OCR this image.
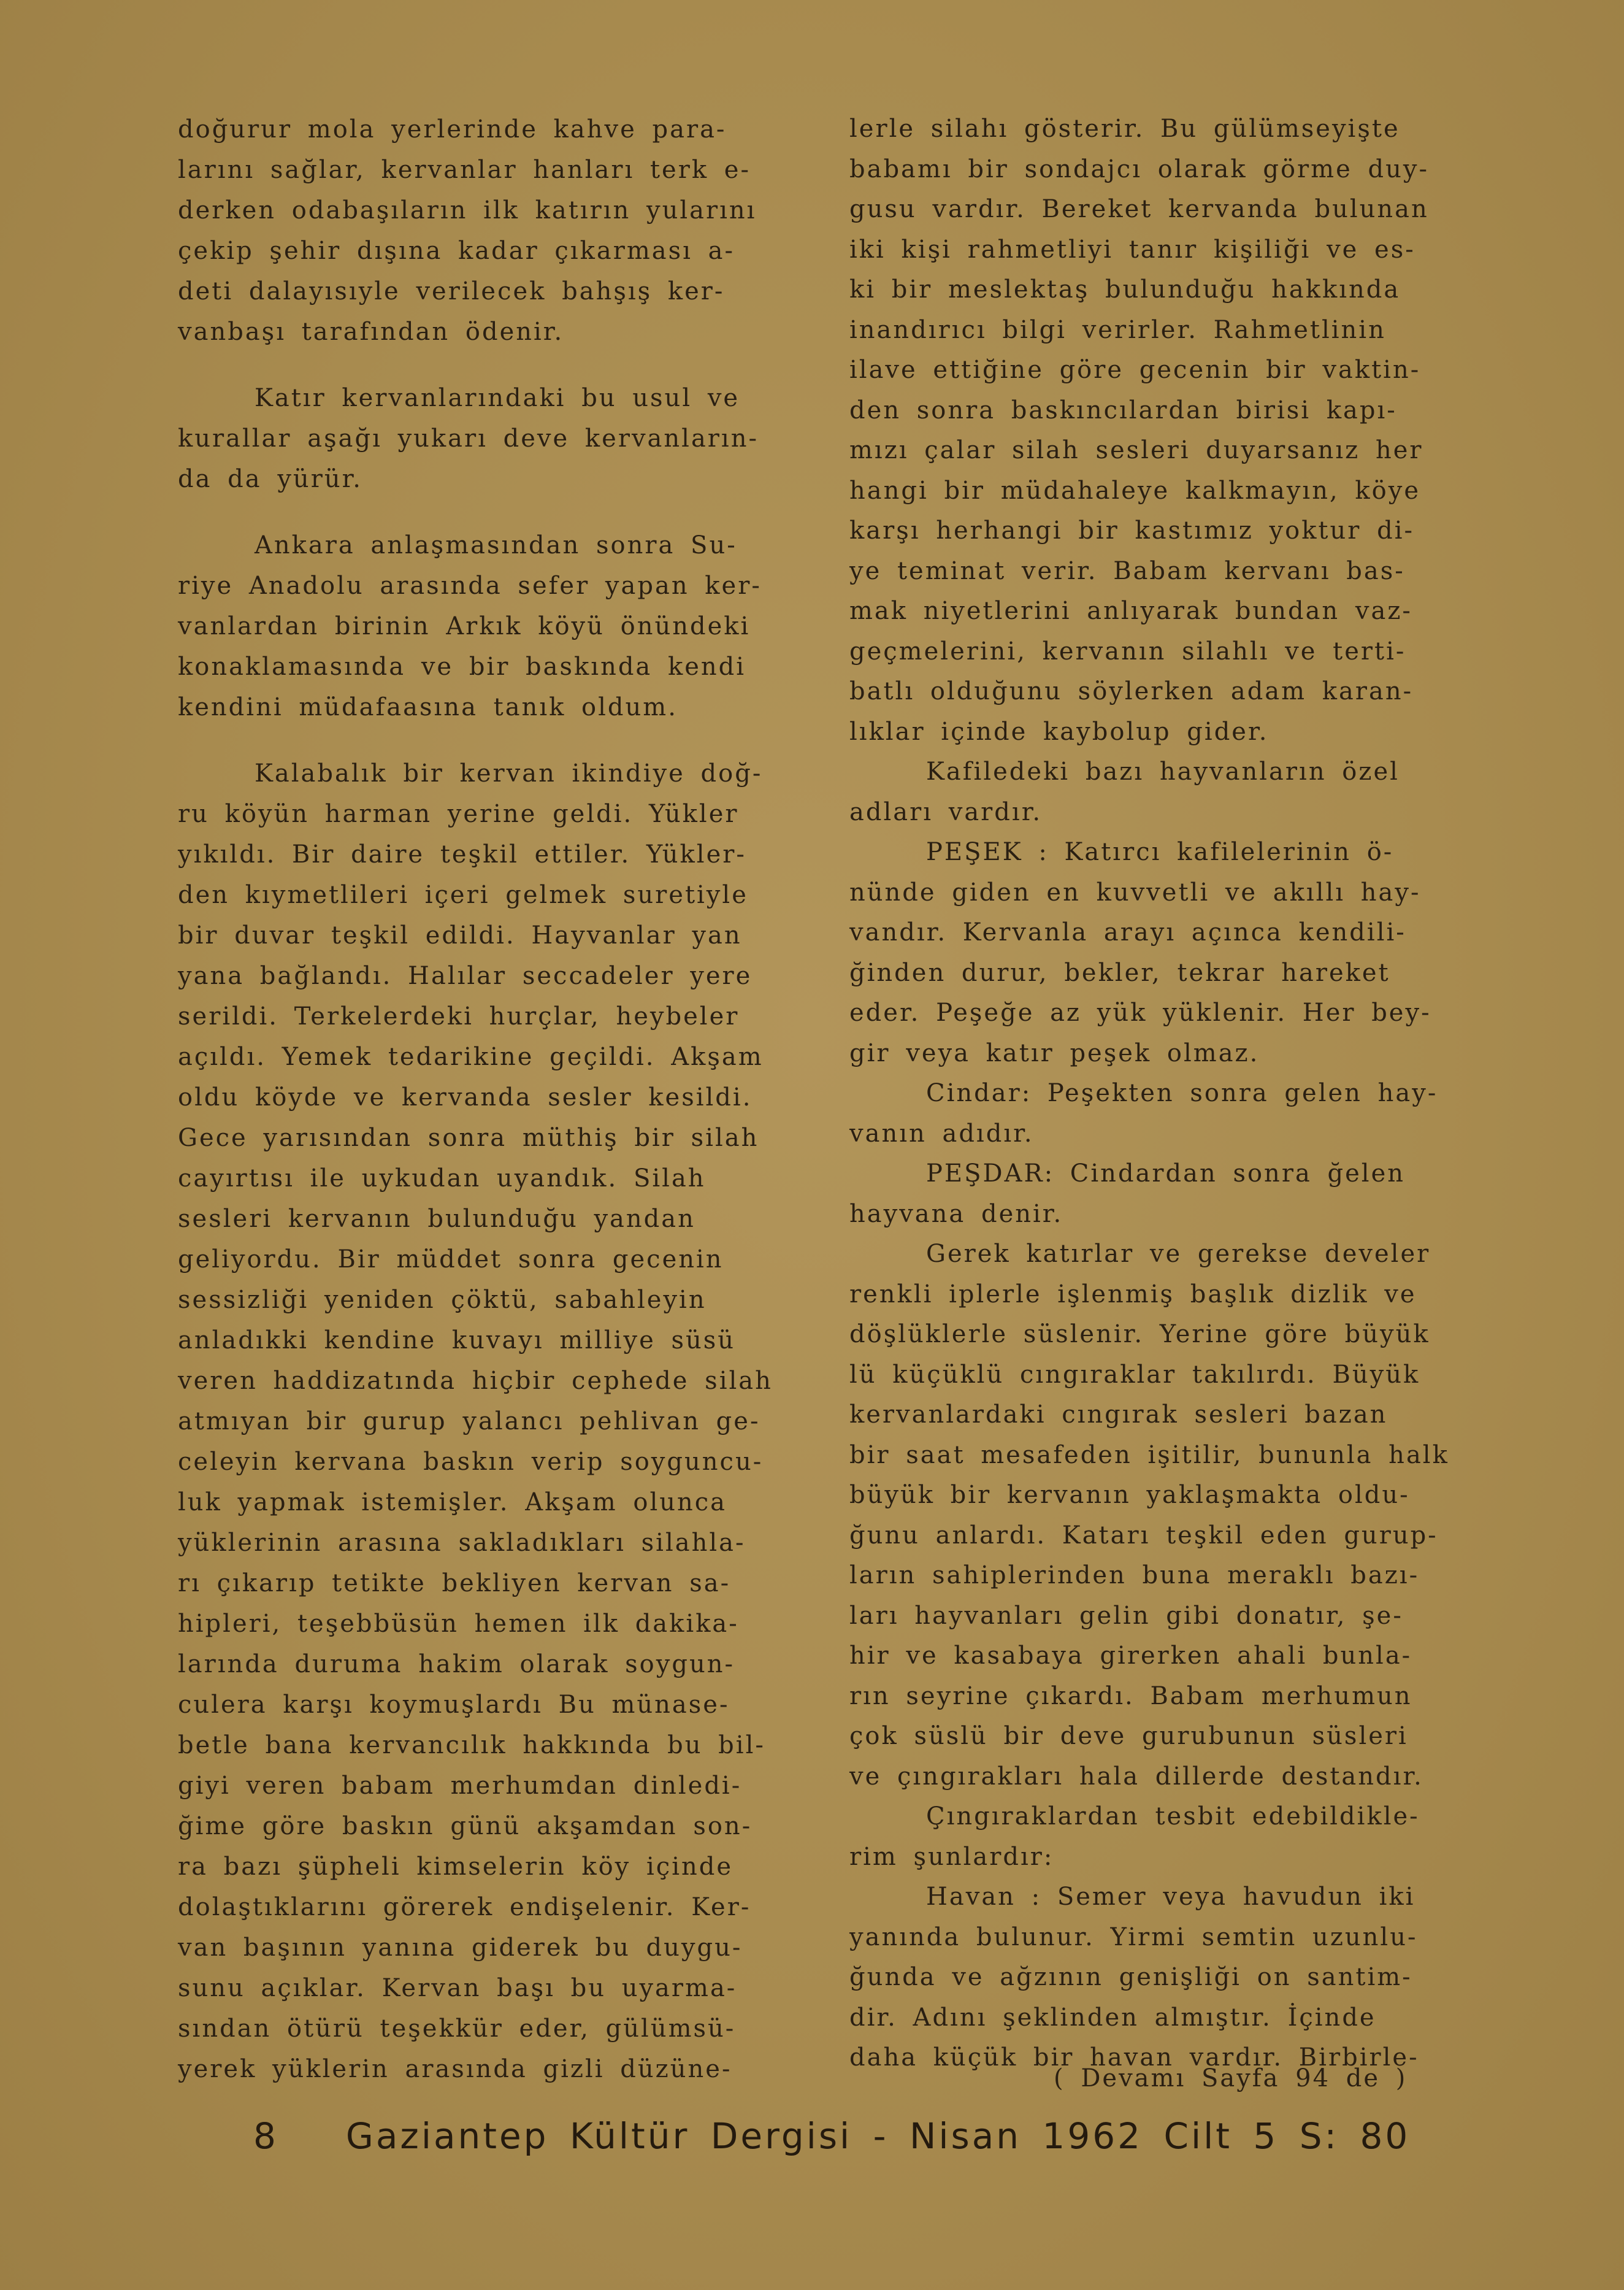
doğurur mola yerlerinde kahve para-
larını sağlar, kervanlar hanları terk e-
derken odabaşıların ilk katırın yularını
çekip şehir dışına kadar çıkarması a-
deti dalayısıyle verilecek bahşış ker-
vanbaşı tarafından ödenir.

Katır kervanlarındaki bu usul ve
kurallar aşağı yukarı deve kervanların-
da da yürür.

Ankara anlaşmasından sonra Su-
riye Anadolu arasında sefer yapan ker-
vanlardan birinin Arkık köyü önündeki
konaklamasında ve bir baskında kendi
kendini müdafaasına tanık oldum.

Kalabalık bir kervan ikindiye doğ-
ru köyün harman yerine geldi. Yükler
yıkıldı. Bir daire teşkil ettiler. Yükler-
den kıymetlileri içeri gelmek suretiyle
bir duvar teşkil edildi. Hayvanlar yan
yana bağlandı. Halılar seccadeler yere
serildi. Terkelerdeki hurçlar, heybeler
açıldı. Yemek tedarikine geçildi. Akşam
oldu köyde ve kervanda sesler kesildi.
Gece yarısından sonra müthiş bir silah
cayırtısı ile uykudan uyandık. Silah
sesleri kervanın bulunduğu yandan
geliyordu. Bir müddet sonra gecenin
sessizliği yeniden çöktü, sabahleyin
anladıkki kendine kuvayı milliye süsü
veren haddizatında hiçbir cephede silah
atmıyan bir gurup yalancı pehlivan ge-
celeyin kervana baskın verip soyguncu-
luk yapmak istemişler. Akşam olunca
yüklerinin arasına sakladıkları silahla-
rı çıkarıp tetikte bekliyen kervan sa-
hipleri, teşebbüsün hemen ilk dakika-
larında duruma hakim olarak soygun-
culera karşı koymuşlardı Bu münase-
betle bana kervancılık hakkında bu bil-
giyi veren babam merhumdan dinledi-
ğime göre baskın günü akşamdan son-
ra bazı şüpheli kimselerin köy içinde
dolaştıklarını görerek endişelenir. Ker-
van başının yanına giderek bu duygu-
sunu açıklar. Kervan başı bu uyarma-
sından ötürü teşekkür eder, gülümsü-
yerek yüklerin arasında gizli düzüne-

lerle silahı gösterir. Bu gülümseyişte
babamı bir sondajcı olarak görme duy-
gusu vardır. Bereket kervanda bulunan
iki kişi rahmetliyi tanır kişiliği ve es-
ki bir meslektaş bulunduğu hakkında
inandırıcı bilgi verirler. Rahmetlinin
ilave ettiğine göre gecenin bir vaktin-
den sonra baskıncılardan birisi kapı-
mızı çalar silah sesleri duyarsanız her
hangi bir müdahaleye kalkmayın, köye
karşı herhangi bir kastımız yoktur di-
ye teminat verir. Babam kervanı bas-
mak niyetlerini anlıyarak bundan vaz-
geçmelerini, kervanın silahlı ve terti-
batlı olduğunu söylerken adam karan-
lıklar içinde kaybolup gider.

Kafiledeki bazı hayvanların özel
adları vardır.

PEŞEK : Katırcı kafilelerinin ö-
nünde giden en kuvvetli ve akıllı hay-
vandır. Kervanla arayı açınca kendili-
ğinden durur, bekler, tekrar hareket
eder. Peşeğe az yük yüklenir. Her bey-
gir veya katır peşek olmaz.

Cindar: Peşekten sonra gelen hay-
vanın adıdır.

PEŞDAR: Cindardan sonra ğelen
hayvana denir.

Gerek katırlar ve gerekse develer
renkli iplerle işlenmiş başlık dizlik ve
döşlüklerle süslenir. Yerine göre büyük
lü küçüklü cıngıraklar takılırdı. Büyük
kervanlardaki cıngırak sesleri bazan
bir saat mesafeden işitilir, bununla halk
büyük bir kervanın yaklaşmakta oldu-
ğunu anlardı. Katarı teşkil eden gurup-
ların sahiplerinden buna meraklı bazı-
ları hayvanları gelin gibi donatır, şe-
hir ve kasabaya girerken ahali bunla-
rın seyrine çıkardı. Babam merhumun
çok süslü bir deve gurubunun süsleri
ve çıngırakları hala dillerde destandır.

Çıngıraklardan tesbit edebildikle-
rim şunlardır:

Havan : Semer veya havudun iki
yanında bulunur. Yirmi semtin uzunlu-
ğunda ve ağzının genişliği on santim-
dir. Adını şeklinden almıştır. İçinde
daha küçük bir havan vardır. Birbirle-

( Devamı Sayfa 94 de )
8 Gaziantep Kültür Dergisi - Nisan 1962 Cilt 5 S: 80
